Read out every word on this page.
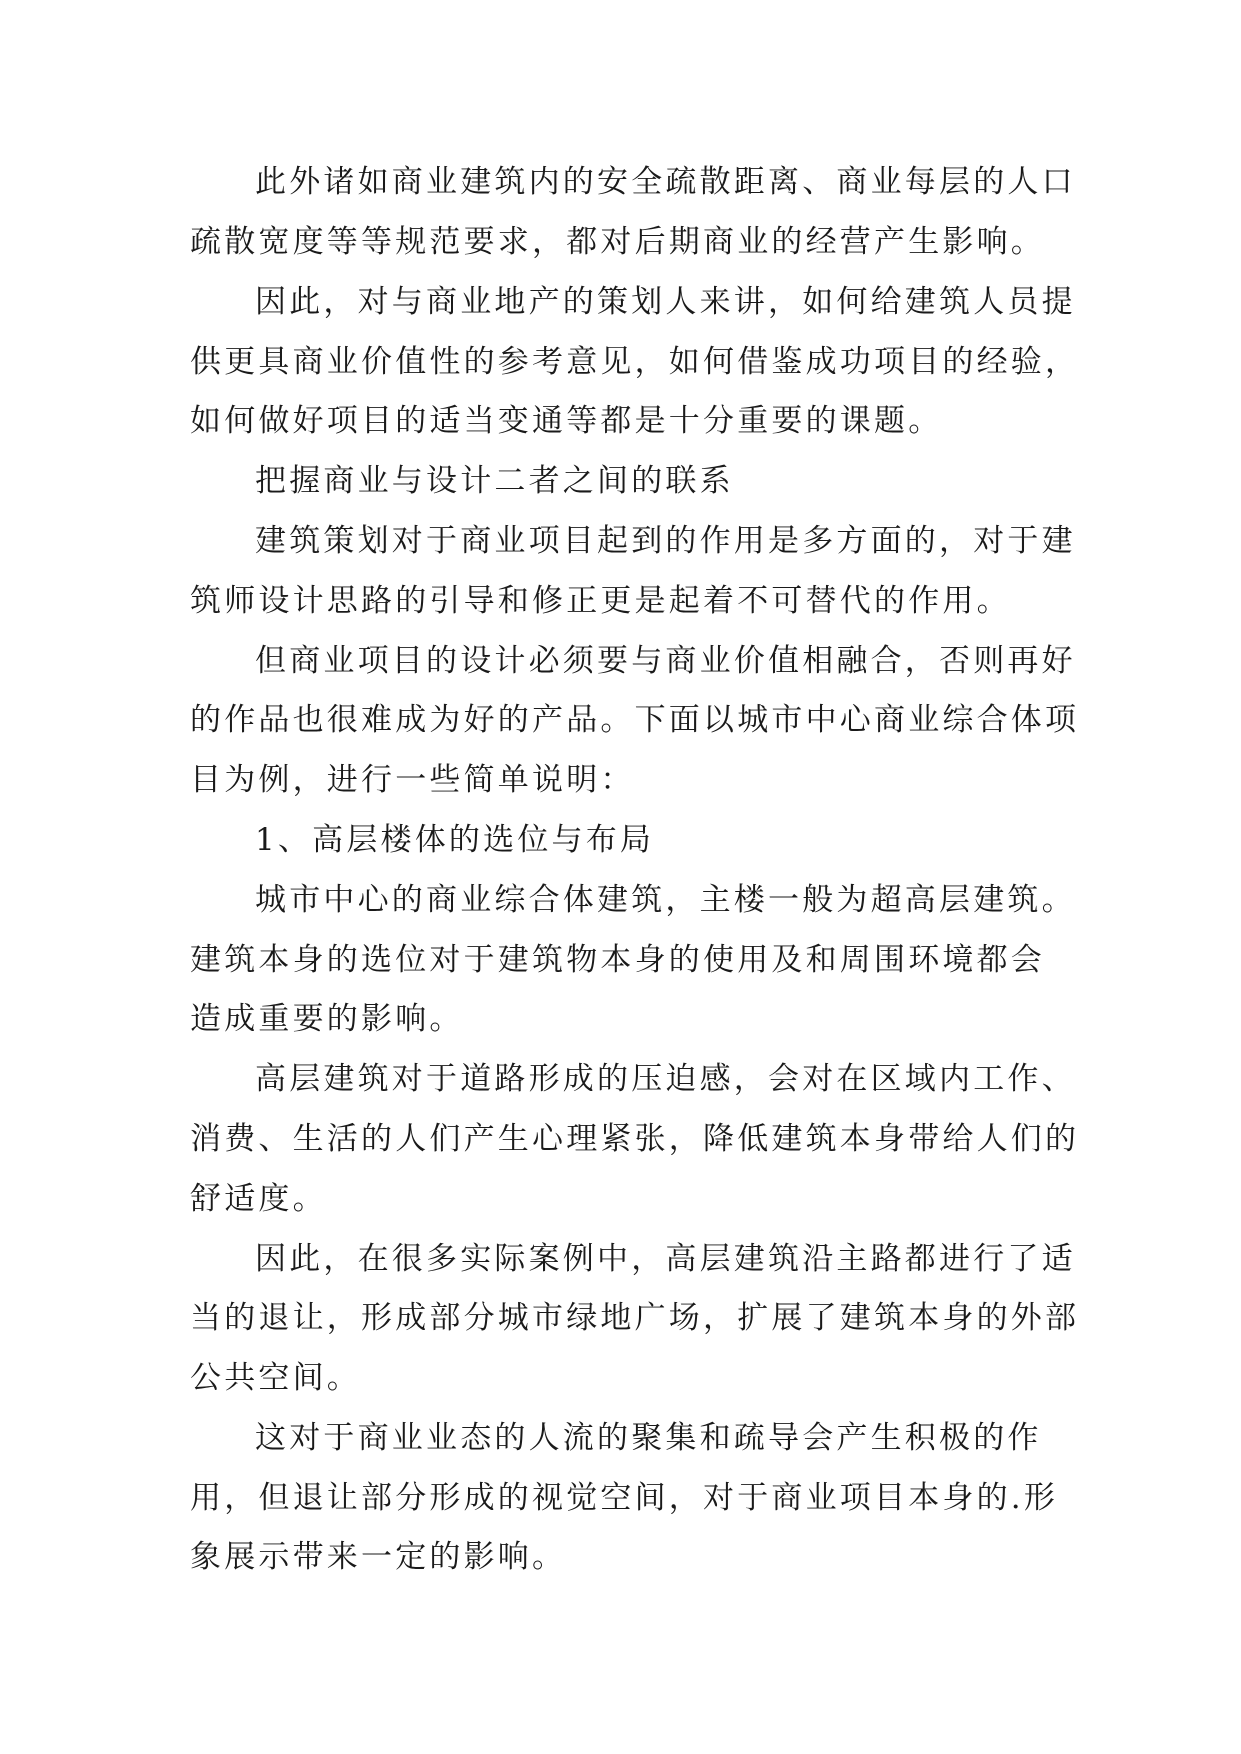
此外诸如商业建筑内的安全疏散距离、商业每层的人口
疏散宽度等等规范要求，都对后期商业的经营产生影响。
因此，对与商业地产的策划人来讲，如何给建筑人员提
供更具商业价值性的参考意见，如何借鉴成功项目的经验，
如何做好项目的适当变通等都是十分重要的课题。
把握商业与设计二者之间的联系
建筑策划对于商业项目起到的作用是多方面的，对于建
筑师设计思路的引导和修正更是起着不可替代的作用。
但商业项目的设计必须要与商业价值相融合，否则再好
的作品也很难成为好的产品。下面以城市中心商业综合体项
目为例，进行一些简单说明：
1、高层楼体的选位与布局
城市中心的商业综合体建筑，主楼一般为超高层建筑。
建筑本身的选位对于建筑物本身的使用及和周围环境都会
造成重要的影响。
高层建筑对于道路形成的压迫感，会对在区域内工作、
消费、生活的人们产生心理紧张，降低建筑本身带给人们的
舒适度。
因此，在很多实际案例中，高层建筑沿主路都进行了适
当的退让，形成部分城市绿地广场，扩展了建筑本身的外部
公共空间。
这对于商业业态的人流的聚集和疏导会产生积极的作
用，但退让部分形成的视觉空间，对于商业项目本身的.形
象展示带来一定的影响。
